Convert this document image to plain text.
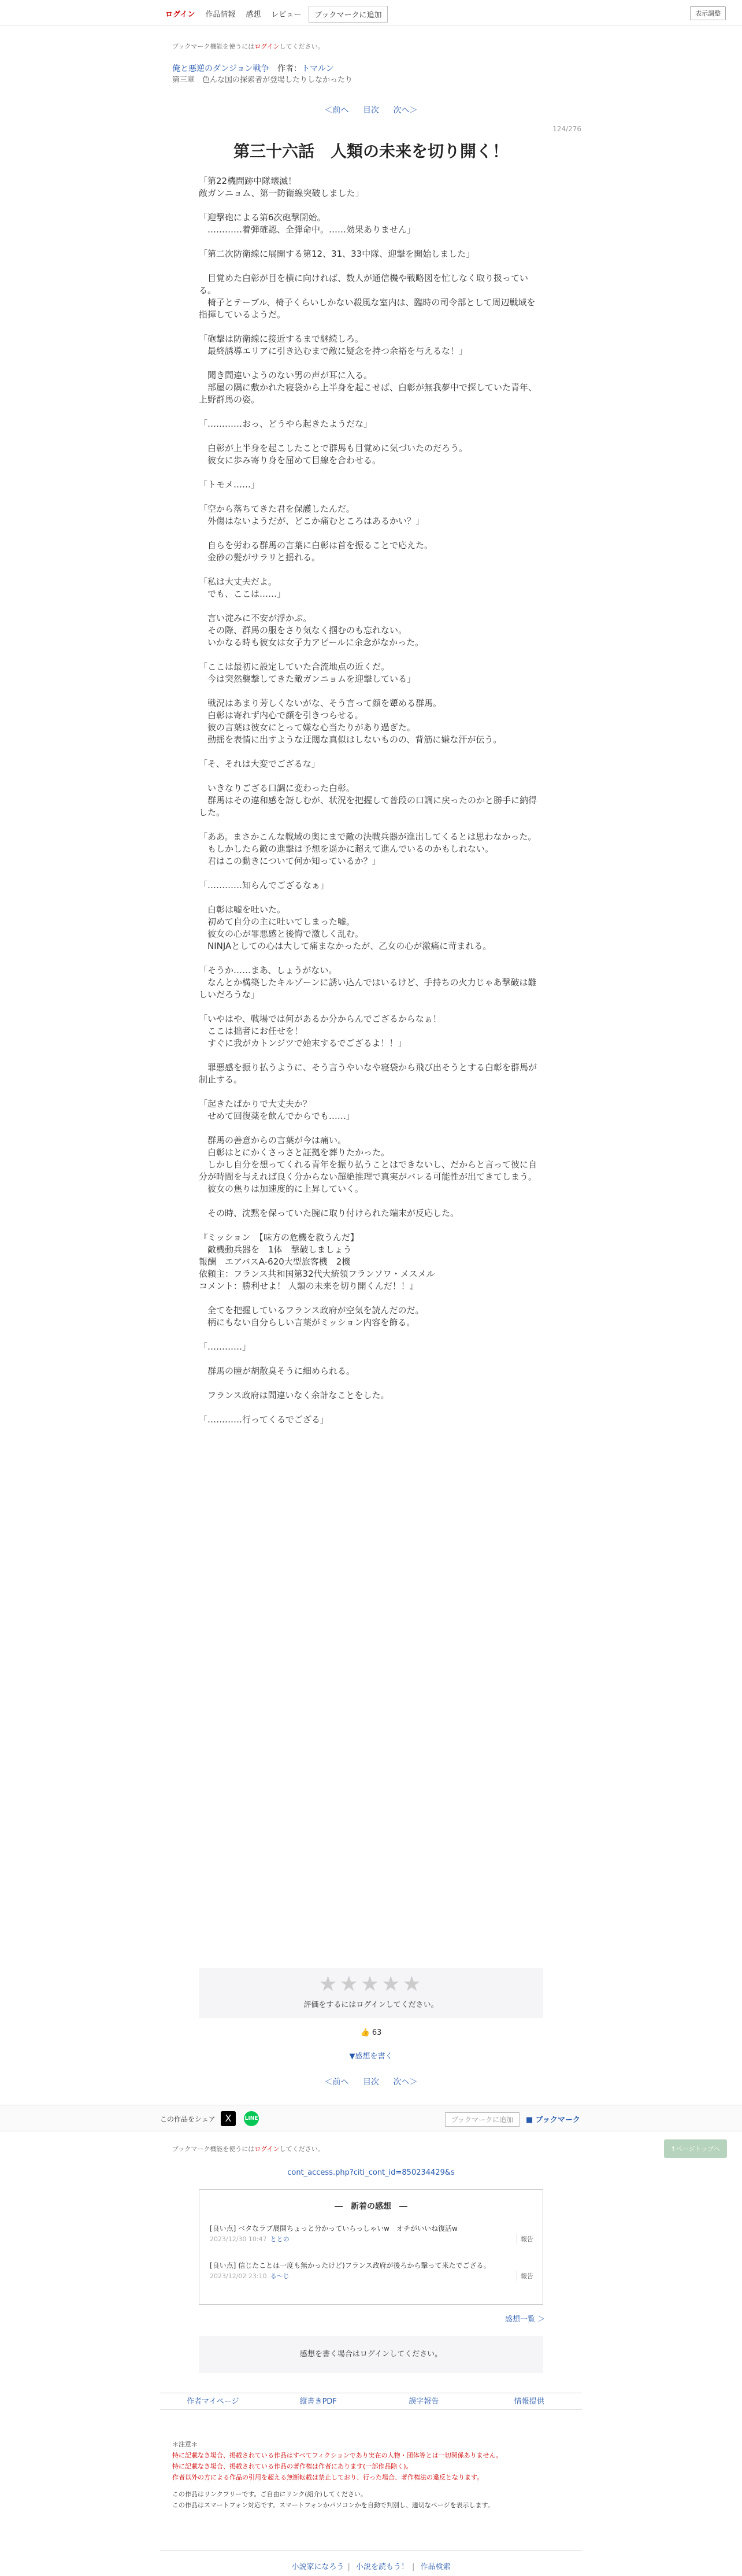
ログイン	作品情報	感想	レビュー	ブックマークに追加	表示調整
ブックマーク機能を使うにはログインしてください。
俺と悪逆のダンジョン戦争 作者：トマルン
第三章　色んな国の探索者が登場したりしなかったり
＜前へ 目次 次へ＞
124/276
第三十六話　人類の未来を切り開く！

「第22機問跡中隊壊滅！

敵ガンニョム、第一防衛線突破しました」

「迎撃砲による第6次砲撃開始。

　…………着弾確認、全弾命中。……効果ありません」

「第二次防衛線に展開する第12、31、33中隊、迎撃を開始しました」

　目覚めた白彰が目を横に向ければ、数人が通信機や戦略図を忙しなく取り扱っている。

　椅子とテーブル、椅子くらいしかない殺風な室内は、臨時の司令部として周辺戦域を指揮しているようだ。

「砲撃は防衛線に接近するまで継続しろ。

　最終誘導エリアに引き込むまで敵に疑念を持つ余裕を与えるな！」

　聞き間違いようのない男の声が耳に入る。

　部屋の隅に敷かれた寝袋から上半身を起こせば、白彰が無我夢中で探していた青年、上野群馬の姿。

「…………おっ、どうやら起きたようだな」

　白彰が上半身を起こしたことで群馬も目覚めに気づいたのだろう。

　彼女に歩み寄り身を屈めて目線を合わせる。

「トモメ……」

「空から落ちてきた君を保護したんだ。

　外傷はないようだが、どこか痛むところはあるかい？」

　自らを労わる群馬の言葉に白彰は首を振ることで応えた。

　金砂の髪がサラリと揺れる。

「私は大丈夫だよ。

　でも、ここは……」

　言い淀みに不安が浮かぶ。

　その際、群馬の服をさり気なく掴むのも忘れない。

　いかなる時も彼女は女子力アピールに余念がなかった。

「ここは最初に設定していた合流地点の近くだ。

　今は突然襲撃してきた敵ガンニョムを迎撃している」

　戦況はあまり芳しくないがな、そう言って顔を顰める群馬。

　白彰は寄れず内心で顔を引きつらせる。

　彼の言葉は彼女にとって嫌な心当たりがあり過ぎた。

　動揺を表情に出すような迂闊な真似はしないものの、背筋に嫌な汗が伝う。

「そ、それは大変でござるな」

　いきなりござる口調に変わった白彰。

　群馬はその違和感を訝しむが、状況を把握して普段の口調に戻ったのかと勝手に納得した。

「ああ。まさかこんな戦域の奥にまで敵の決戦兵器が進出してくるとは思わなかった。

　もしかしたら敵の進撃は予想を遥かに超えて進んでいるのかもしれない。

　君はこの動きについて何か知っているか？」

「…………知らんでござるなぁ」

　白彰は嘘を吐いた。

　初めて自分の主に吐いてしまった嘘。

　彼女の心が罪悪感と後悔で激しく乱む。

　NINJAとしての心は大して痛まなかったが、乙女の心が激痛に苛まれる。

「そうか……まあ、しょうがない。

　なんとか構築したキルゾーンに誘い込んではいるけど、手持ちの火力じゃあ撃破は難しいだろうな」

「いやはや、戦場では何があるか分からんでござるからなぁ！

　ここは拙者にお任せを！

　すぐに我がカトンジツで始末するでござるよ！！」

　罪悪感を振り払うように、そう言うやいなや寝袋から飛び出そうとする白彰を群馬が制止する。

「起きたばかりで大丈夫か？

　せめて回復薬を飲んでからでも……」

　群馬の善意からの言葉が今は痛い。

　白彰はとにかくさっさと証拠を葬りたかった。

　しかし自分を想ってくれる青年を振り払うことはできないし、だからと言って彼に自分が時間を与えれば良く分からない超絶推理で真実がバレる可能性が出てきてしまう。

　彼女の焦りは加速度的に上昇していく。

　その時、沈黙を保っていた腕に取り付けられた端末が反応した。

『ミッション　【味方の危機を救うんだ】

　敵機動兵器を　1体　撃破しましょう

報酬　エアバスA-620大型旅客機　2機

依頼主：フランス共和国第32代大統領フランソワ・メスメル

コメント：勝利せよ！ 人類の未来を切り開くんだ！！』

　全てを把握しているフランス政府が空気を読んだのだ。

　柄にもない自分らしい言葉がミッション内容を飾る。

「…………」

　群馬の瞳が胡散臭そうに細められる。

　フランス政府は間違いなく余計なことをした。

「…………行ってくるでござる」

★★★★★
評価をするにはログインしてください。
👍 63
▼感想を書く
＜前へ 目次 次へ＞
この作品をシェア	X	LINE	ブックマークに追加	■ ブックマーク
ブックマーク機能を使うにはログインしてください。	↑ページトップへ
cont_access.php?citi_cont_id=850234429&s
―　新着の感想　―
[良い点] ベタなラブ展開ちょっと分かっていらっしゃいw　オチがいいね復活w
2023/12/30 10:47 ととの	報告
[良い点] 信じたことは一度も無かったけど)フランス政府が後ろから撃って来たでござる。
2023/12/02 23:10 る～じ	報告
感想一覧 ＞
感想を書く場合はログインしてください。
作者マイページ	縦書きPDF	誤字報告	情報提供
＊注意＊
特に記載なき場合、掲載されている作品はすべてフィクションであり実在の人物・団体等とは一切関係ありません。
特に記載なき場合、掲載されている作品の著作権は作者にあります(一部作品除く)。
作者以外の方による作品の引用を超える無断転載は禁止しており、行った場合、著作権法の違反となります。
この作品はリンクフリーです。ご自由にリンク(紹介)してください。
この作品はスマートフォン対応です。スマートフォンかパソコンかを自動で判別し、適切なページを表示します。
小説家になろう | 小説を読もう！ | 作品検索
